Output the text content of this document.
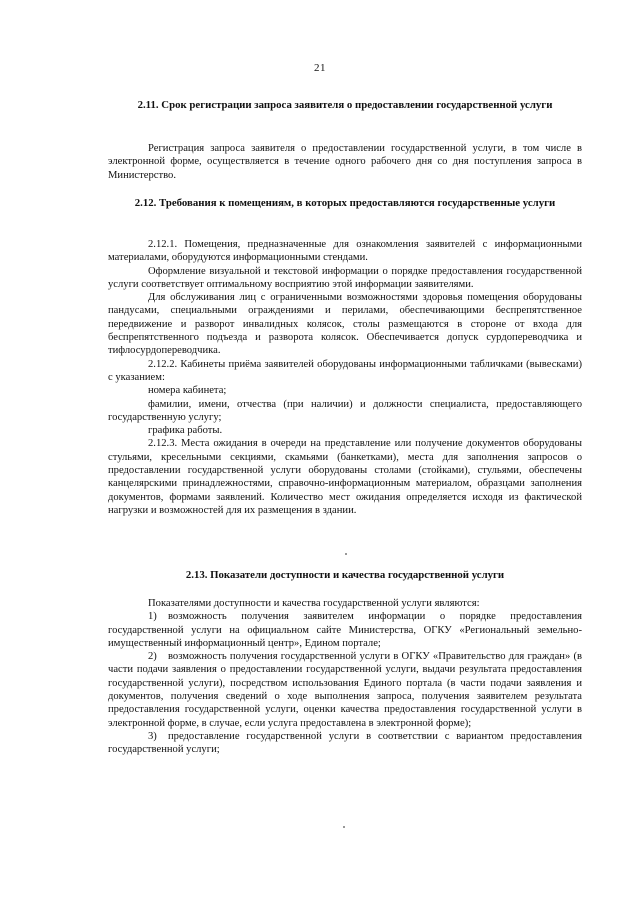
21

2.11. Срок регистрации запроса заявителя о предоставлении государственной услуги

Регистрация запроса заявителя о предоставлении государственной услуги, в том числе в электронной форме, осуществляется в течение одного рабочего дня со дня поступления запроса в Министерство.

2.12. Требования к помещениям, в которых предоставляются государственные услуги

2.12.1. Помещения, предназначенные для ознакомления заявителей с информационными материалами, оборудуются информационными стендами.

Оформление визуальной и текстовой информации о порядке предоставления государственной услуги соответствует оптимальному восприятию этой информации заявителями.

Для обслуживания лиц с ограниченными возможностями здоровья помещения оборудованы пандусами, специальными ограждениями и перилами, обеспечивающими беспрепятственное передвижение и разворот инвалидных колясок, столы размещаются в стороне от входа для беспрепятственного подъезда и разворота колясок. Обеспечивается допуск сурдопереводчика и тифлосурдопереводчика.

2.12.2. Кабинеты приёма заявителей оборудованы информационными табличками (вывесками) с указанием:

номера кабинета;

фамилии, имени, отчества (при наличии) и должности специалиста, предоставляющего государственную услугу;

графика работы.

2.12.3. Места ожидания в очереди на представление или получение документов оборудованы стульями, кресельными секциями, скамьями (банкетками), места для заполнения запросов о предоставлении государственной услуги оборудованы столами (стойками), стульями, обеспечены канцелярскими принадлежностями, справочно-информационным материалом, образцами заполнения документов, формами заявлений. Количество мест ожидания определяется исходя из фактической нагрузки и возможностей для их размещения в здании.

2.13. Показатели доступности и качества государственной услуги

Показателями доступности и качества государственной услуги являются:

1) возможность получения заявителем информации о порядке предоставления государственной услуги на официальном сайте Министерства, ОГКУ «Региональный земельно-имущественный информационный центр», Едином портале;

2) возможность получения государственной услуги в ОГКУ «Правительство для граждан» (в части подачи заявления о предоставлении государственной услуги, выдачи результата предоставления государственной услуги), посредством использования Единого портала (в части подачи заявления и документов, получения сведений о ходе выполнения запроса, получения заявителем результата предоставления государственной услуги, оценки качества предоставления государственной услуги в электронной форме, в случае, если услуга предоставлена в электронной форме);

3) предоставление государственной услуги в соответствии с вариантом предоставления государственной услуги;
